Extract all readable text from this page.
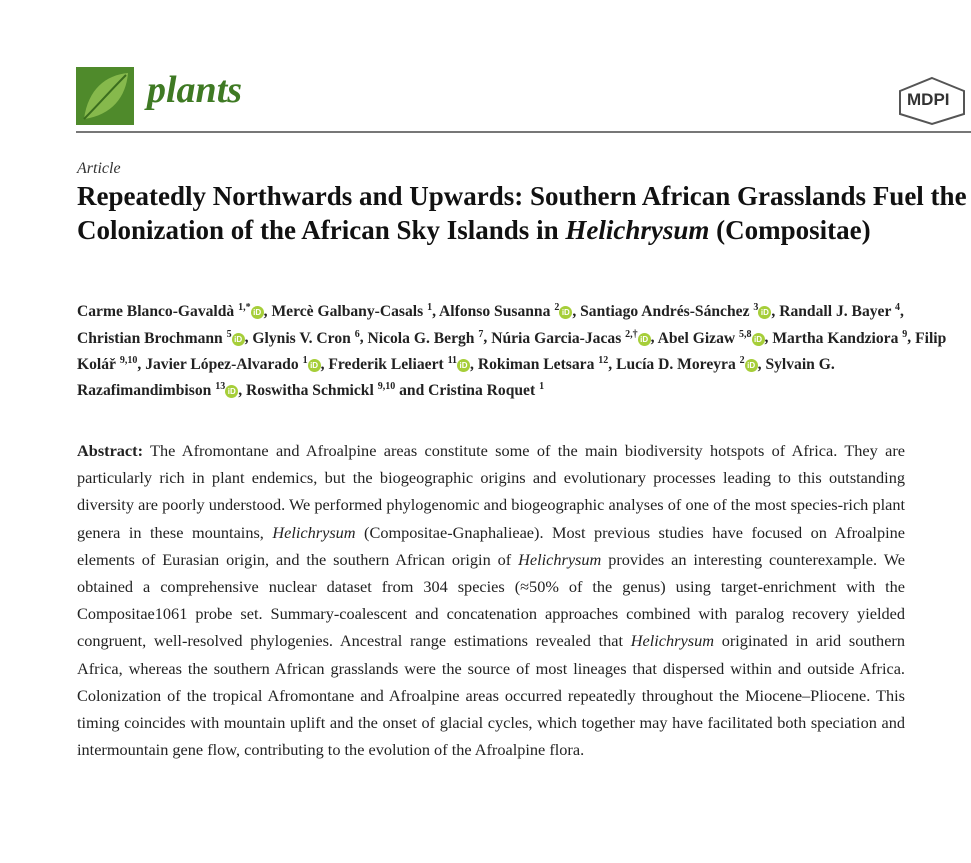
plants	MDPI
Article
Repeatedly Northwards and Upwards: Southern African Grasslands Fuel the Colonization of the African Sky Islands in Helichrysum (Compositae)
Carme Blanco-Gavaldà $^{1,*}$ iD , Mercè Galbany-Casals $^1$, Alfonso Susanna $^2$ iD , Santiago Andrés-Sánchez $^3$ iD , Randall J. Bayer $^4$, Christian Brochmann $^5$ iD , Glynis V. Cron $^6$, Nicola G. Bergh $^7$, Núria Garcia-Jacas $^{2,\dagger}$ iD , Abel Gizaw $^{5,8}$ iD , Martha Kandziora $^9$, Filip Kolář $^{9,10}$, Javier López-Alvarado $^1$ iD , Frederik Leliaert $^{11}$ iD , Rokiman Letsara $^{12}$, Lucía D. Moreyra $^2$ iD , Sylvain G. Razafimandimbison $^{13}$ iD , Roswitha Schmickl $^{9,10}$ and Cristina Roquet $^1$
Abstract: The Afromontane and Afroalpine areas constitute some of the main biodiversity hotspots of Africa. They are particularly rich in plant endemics, but the biogeographic origins and evolutionary processes leading to this outstanding diversity are poorly understood. We performed phylogenomic and biogeographic analyses of one of the most species-rich plant genera in these mountains, Helichrysum (Compositae-Gnaphalieae). Most previous studies have focused on Afroalpine elements of Eurasian origin, and the southern African origin of Helichrysum provides an interesting counterexample. We obtained a comprehensive nuclear dataset from 304 species (≈50% of the genus) using target-enrichment with the Compositae1061 probe set. Summary-coalescent and concatenation approaches combined with paralog recovery yielded congruent, well-resolved phylogenies. Ancestral range estimations revealed that Helichrysum originated in arid southern Africa, whereas the southern African grasslands were the source of most lineages that dispersed within and outside Africa. Colonization of the tropical Afromontane and Afroalpine areas occurred repeatedly throughout the Miocene–Pliocene. This timing coincides with mountain uplift and the onset of glacial cycles, which together may have facilitated both speciation and intermountain gene flow, contributing to the evolution of the Afroalpine flora.
